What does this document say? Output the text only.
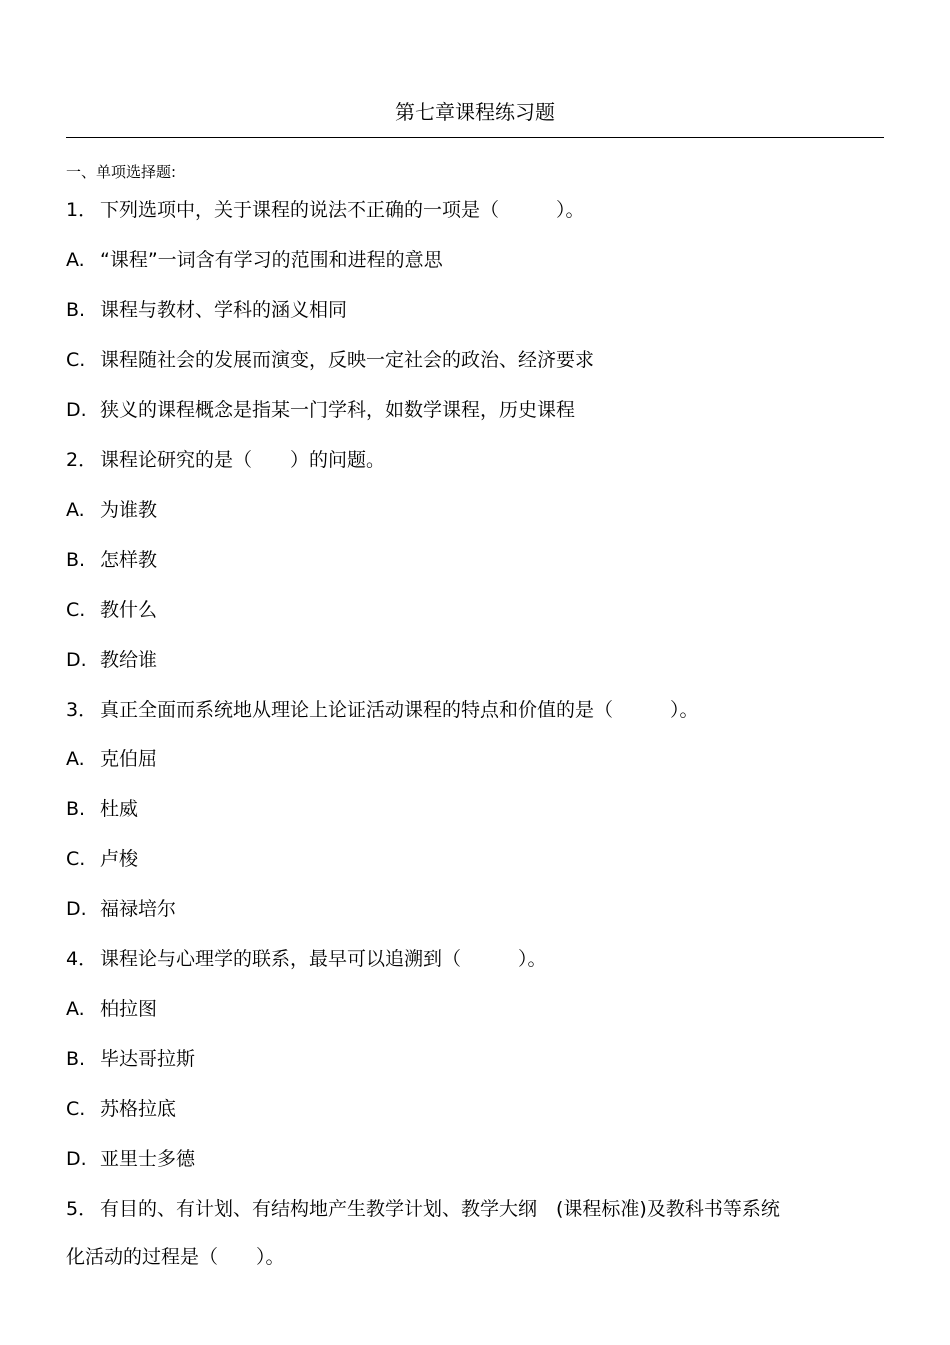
第七章课程练习题
一、单项选择题:
1． 下列选项中，关于课程的说法不正确的一项是（　　　）。
A. “课程”一词含有学习的范围和进程的意思
B. 课程与教材、学科的涵义相同
C. 课程随社会的发展而演变，反映一定社会的政治、经济要求
D. 狭义的课程概念是指某一门学科，如数学课程，历史课程
2． 课程论研究的是（　　）的问题。
A. 为谁教
B. 怎样教
C. 教什么
D. 教给谁
3． 真正全面而系统地从理论上论证活动课程的特点和价值的是（　　　）。
A. 克伯屈
B. 杜威
C. 卢梭
D. 福禄培尔
4． 课程论与心理学的联系，最早可以追溯到（　　　）。
A. 柏拉图
B. 毕达哥拉斯
C. 苏格拉底
D. 亚里士多德
5． 有目的、有计划、有结构地产生教学计划、教学大纲　(课程标准)及教科书等系统
化活动的过程是（　　）。
